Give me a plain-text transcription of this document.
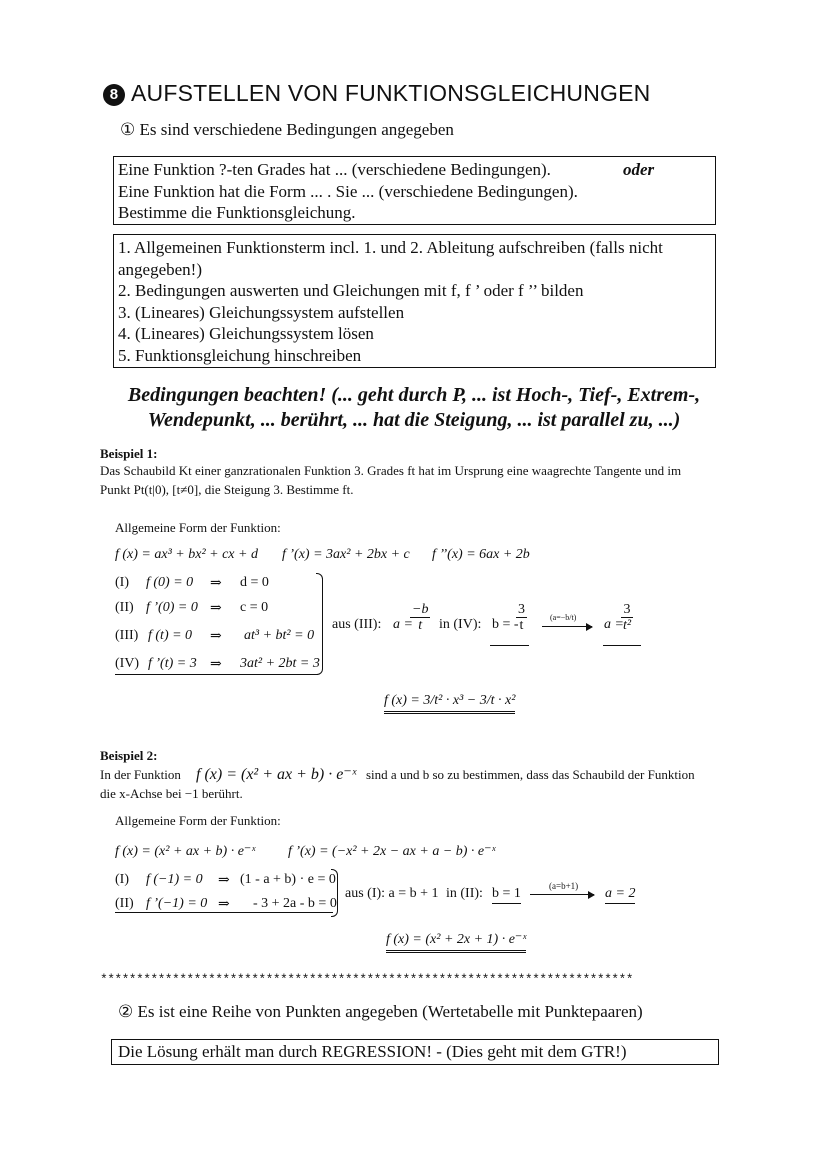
8 AUFSTELLEN VON FUNKTIONSGLEICHUNGEN
① Es sind verschiedene Bedingungen angegeben
Eine Funktion ?-ten Grades hat ... (verschiedene Bedingungen).	oder
Eine Funktion hat die Form ... . Sie ... (verschiedene Bedingungen).
Bestimme die Funktionsgleichung.
1. Allgemeinen Funktionsterm incl. 1. und 2. Ableitung aufschreiben (falls nicht
angegeben!)
2. Bedingungen auswerten und Gleichungen mit f, f ’ oder f ’’ bilden
3. (Lineares) Gleichungssystem aufstellen
4. (Lineares) Gleichungssystem lösen
5. Funktionsgleichung hinschreiben
Bedingungen beachten! (... geht durch P, ... ist Hoch-, Tief-, Extrem-,
Wendepunkt, ... berührt, ... hat die Steigung, ... ist parallel zu, ...)
Beispiel 1:
Das Schaubild Kt einer ganzrationalen Funktion 3. Grades ft hat im Ursprung eine waagrechte Tangente und im
Punkt Pt(t|0), [t≠0], die Steigung 3. Bestimme ft.
Allgemeine Form der Funktion:
f (x) = ax³ + bx² + cx + d f ’(x) = 3ax² + 2bx + c f ’’(x) = 6ax + 2b
(I) f (0) = 0 ⇒ d = 0
(II) f ’(0) = 0 ⇒ c = 0
(III) f (t) = 0 ⇒ at³ + bt² = 0
(IV) f ’(t) = 3 ⇒ 3at² + 2bt = 3
aus (III): a =
$\frac{-b}{t}$ in (IV): b = -
$\frac{3}{t}$	(a=−b/t) a =
$\frac{3}{\text{t²}}$
f (x) = 3/t² · x³ − 3/t · x²
Beispiel 2:
In der Funktion f (x) = (x² + ax + b) · e⁻ˣ sind a und b so zu bestimmen, dass das Schaubild der Funktion
die x-Achse bei −1 berührt.
Allgemeine Form der Funktion:
f (x) = (x² + ax + b) · e⁻ˣ f ’(x) = (−x² + 2x − ax + a − b) · e⁻ˣ
(I) f (−1) = 0 ⇒ (1 - a + b) · e = 0
(II) f ’(−1) = 0 ⇒ - 3 + 2a - b = 0
aus (I): a = b + 1 in (II): b = 1	(a=b+1) a = 2
f (x) = (x² + 2x + 1) · e⁻ˣ
**************************************************************************
② Es ist eine Reihe von Punkten angegeben (Wertetabelle mit Punktepaaren)
Die Lösung erhält man durch REGRESSION! - (Dies geht mit dem GTR!)
